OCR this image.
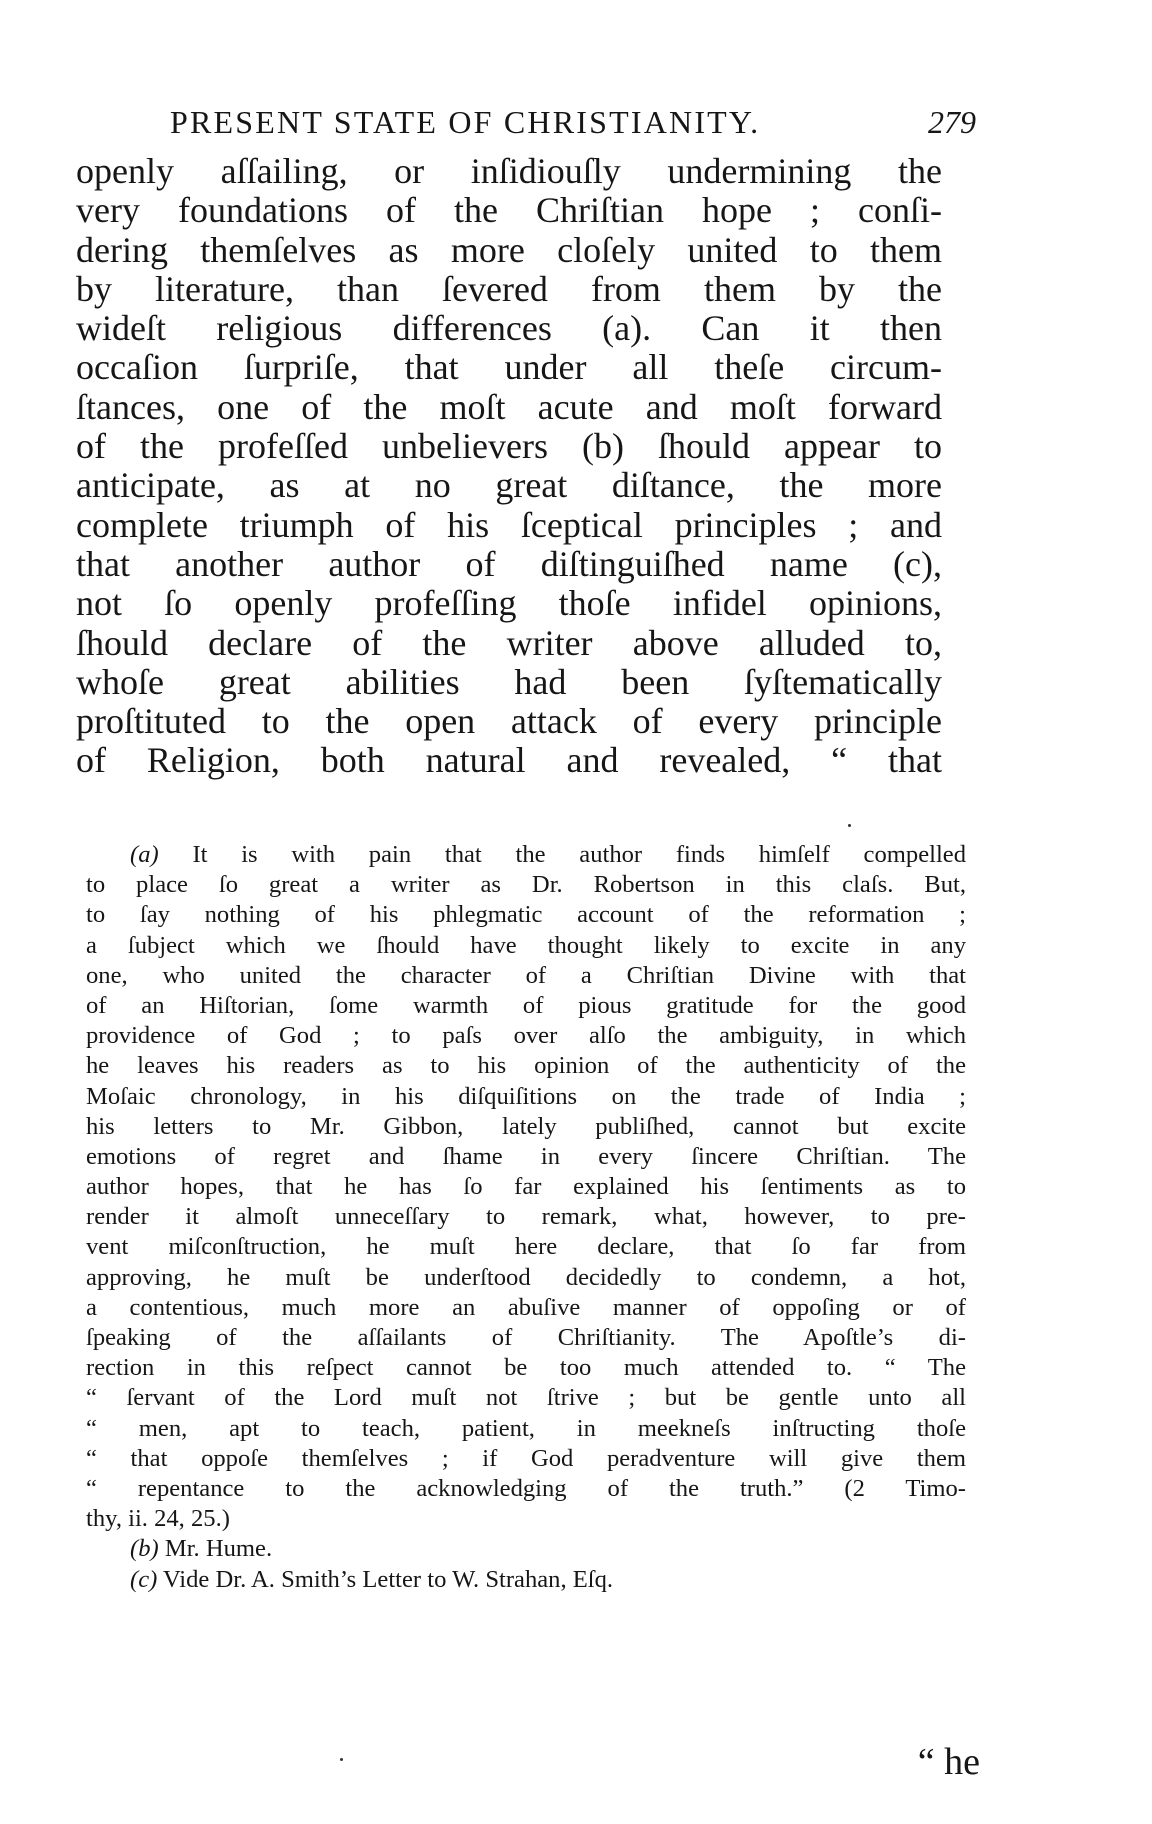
PRESENT STATE OF CHRISTIANITY.	279
openly aſſailing, or inſidiouſly undermining the
very foundations of the Chriſtian hope ; conſi-
dering themſelves as more cloſely united to them
by literature, than ſevered from them by the
wideſt religious differences (a). Can it then
occaſion ſurpriſe, that under all theſe circum-
ſtances, one of the moſt acute and moſt forward
of the profeſſed unbelievers (b) ſhould appear to
anticipate, as at no great diſtance, the more
complete triumph of his ſceptical principles ; and
that another author of diſtinguiſhed name (c),
not ſo openly profeſſing thoſe infidel opinions,
ſhould declare of the writer above alluded to,
whoſe great abilities had been ſyſtematically
proſtituted to the open attack of every principle
of Religion, both natural and revealed, “ that
(a) It is with pain that the author finds himſelf compelled
to place ſo great a writer as Dr. Robertson in this claſs. But,
to ſay nothing of his phlegmatic account of the reformation ;
a ſubject which we ſhould have thought likely to excite in any
one, who united the character of a Chriſtian Divine with that
of an Hiſtorian, ſome warmth of pious gratitude for the good
providence of God ; to paſs over alſo the ambiguity, in which
he leaves his readers as to his opinion of the authenticity of the
Moſaic chronology, in his diſquiſitions on the trade of India ;
his letters to Mr. Gibbon, lately publiſhed, cannot but excite
emotions of regret and ſhame in every ſincere Chriſtian. The
author hopes, that he has ſo far explained his ſentiments as to
render it almoſt unneceſſary to remark, what, however, to pre-
vent miſconſtruction, he muſt here declare, that ſo far from
approving, he muſt be underſtood decidedly to condemn, a hot,
a contentious, much more an abuſive manner of oppoſing or of
ſpeaking of the aſſailants of Chriſtianity. The Apoſtle’s di-
rection in this reſpect cannot be too much attended to. “ The
“ ſervant of the Lord muſt not ſtrive ; but be gentle unto all
“ men, apt to teach, patient, in meekneſs inſtructing thoſe
“ that oppoſe themſelves ; if God peradventure will give them
“ repentance to the acknowledging of the truth.” (2 Timo-
thy, ii. 24, 25.)
(b) Mr. Hume.
(c) Vide Dr. A. Smith’s Letter to W. Strahan, Eſq.
“ he
